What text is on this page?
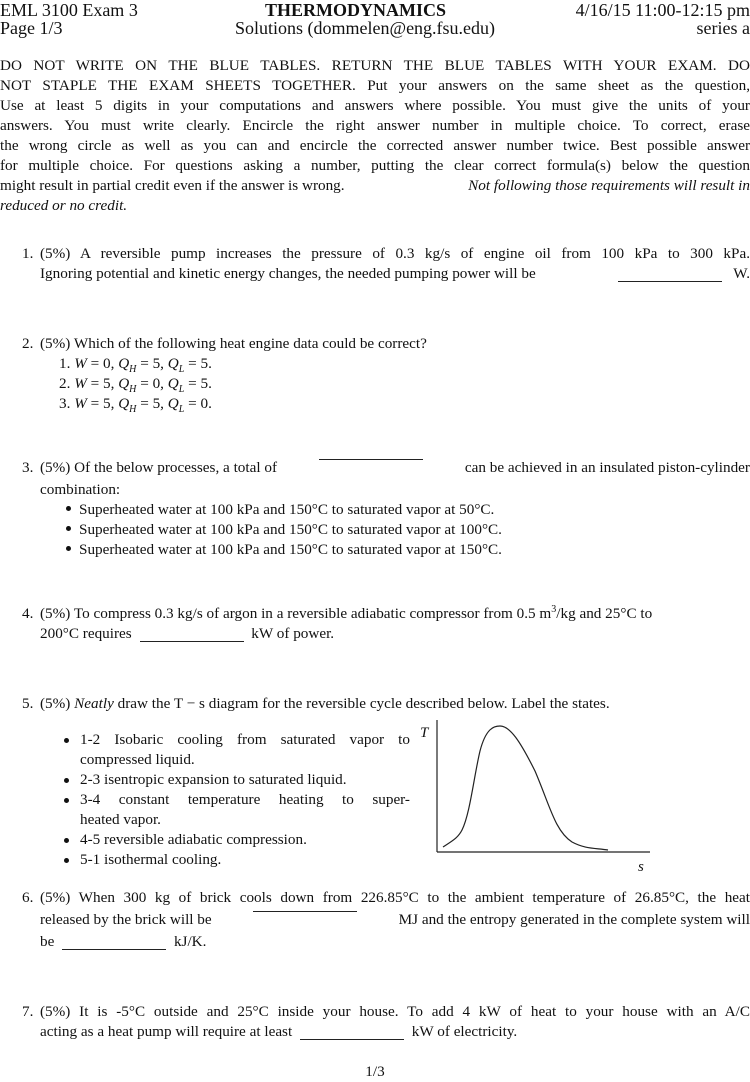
EML 3100 Exam 3	THERMODYNAMICS	4/16/15 11:00-12:15 pm
Page 1/3	Solutions (dommelen@eng.fsu.edu)	series a
DO NOT WRITE ON THE BLUE TABLES. RETURN THE BLUE TABLES WITH YOUR EXAM. DO
NOT STAPLE THE EXAM SHEETS TOGETHER. Put your answers on the same sheet as the question,
Use at least 5 digits in your computations and answers where possible. You must give the units of your
answers. You must write clearly. Encircle the right answer number in multiple choice. To correct, erase
the wrong circle as well as you can and encircle the corrected answer number twice. Best possible answer
for multiple choice. For questions asking a number, putting the clear correct formula(s) below the question
might result in partial credit even if the answer is wrong.	Not following those requirements will result in
reduced or no credit.
1. (5%) A reversible pump increases the pressure of 0.3 kg/s of engine oil from 100 kPa to 300 kPa.
Ignoring potential and kinetic energy changes, the needed pumping power will be	W.
2. (5%) Which of the following heat engine data could be correct?
1. W = 0, $Q_H = 5$, $Q_L = 5$.
2. W = 5, $Q_H = 0$, $Q_L = 5$.
3. W = 5, $Q_H = 5$, $Q_L = 0$.
3. (5%) Of the below processes, a total of	can be achieved in an insulated piston-cylinder
combination:
Superheated water at 100 kPa and 150°C to saturated vapor at 50°C.
Superheated water at 100 kPa and 150°C to saturated vapor at 100°C.
Superheated water at 100 kPa and 150°C to saturated vapor at 150°C.
4. (5%) To compress 0.3 kg/s of argon in a reversible adiabatic compressor from 0.5 $m^3/kg$ and 25°C to
200°C requires	kW of power.
5. (5%) Neatly draw the T − s diagram for the reversible cycle described below. Label the states.
1-2 Isobaric cooling from saturated vapor to
compressed liquid.
2-3 isentropic expansion to saturated liquid.
3-4 constant temperature heating to super-
heated vapor.
4-5 reversible adiabatic compression.
5-1 isothermal cooling.
T
s
6. (5%) When 300 kg of brick cools down from 226.85°C to the ambient temperature of 26.85°C, the heat
released by the brick will be	MJ and the entropy generated in the complete system will
be	kJ/K.
7. (5%) It is -5°C outside and 25°C inside your house. To add 4 kW of heat to your house with an A/C
acting as a heat pump will require at least	kW of electricity.
1/3
